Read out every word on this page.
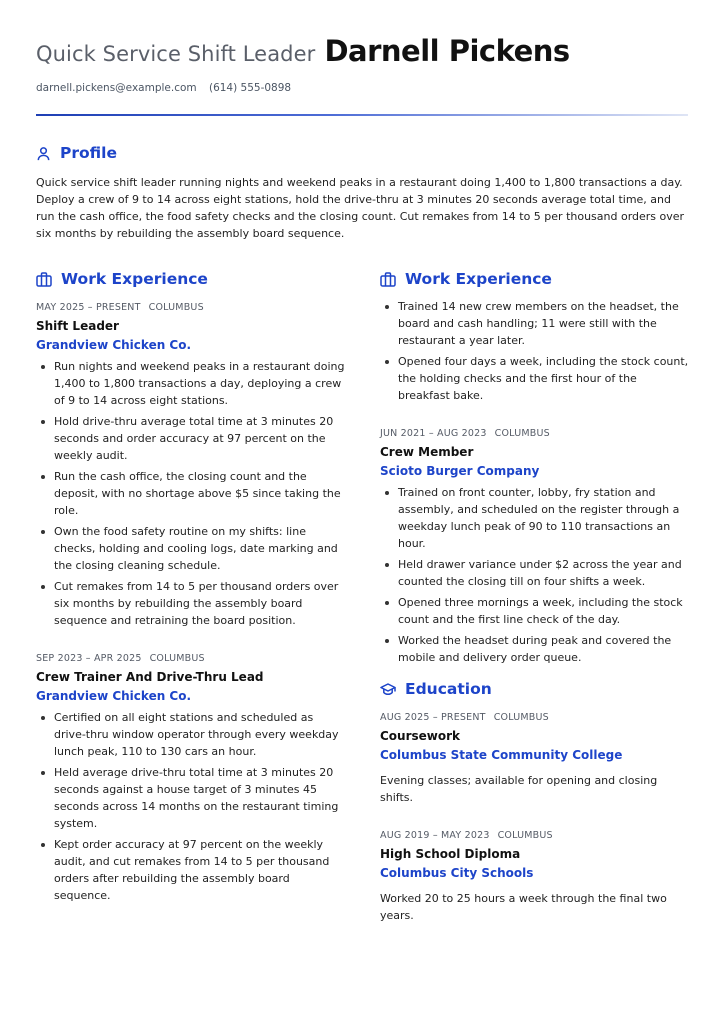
Quick Service Shift Leader Darnell Pickens
darnell.pickens@example.com (614) 555-0898
Profile
Quick service shift leader running nights and weekend peaks in a restaurant doing 1,400 to 1,800 transactions a day. Deploy a crew of 9 to 14 across eight stations, hold the drive-thru at 3 minutes 20 seconds average total time, and run the cash office, the food safety checks and the closing count. Cut remakes from 14 to 5 per thousand orders over six months by rebuilding the assembly board sequence.
Work Experience
MAY 2025 – PRESENT COLUMBUS
Shift Leader
Grandview Chicken Co.
Run nights and weekend peaks in a restaurant doing 1,400 to 1,800 transactions a day, deploying a crew of 9 to 14 across eight stations.
Hold drive-thru average total time at 3 minutes 20 seconds and order accuracy at 97 percent on the weekly audit.
Run the cash office, the closing count and the deposit, with no shortage above $5 since taking the role.
Own the food safety routine on my shifts: line checks, holding and cooling logs, date marking and the closing cleaning schedule.
Cut remakes from 14 to 5 per thousand orders over six months by rebuilding the assembly board sequence and retraining the board position.
SEP 2023 – APR 2025 COLUMBUS
Crew Trainer And Drive-Thru Lead
Grandview Chicken Co.
Certified on all eight stations and scheduled as drive-thru window operator through every weekday lunch peak, 110 to 130 cars an hour.
Held average drive-thru total time at 3 minutes 20 seconds against a house target of 3 minutes 45 seconds across 14 months on the restaurant timing system.
Kept order accuracy at 97 percent on the weekly audit, and cut remakes from 14 to 5 per thousand orders after rebuilding the assembly board sequence.
Work Experience
Trained 14 new crew members on the headset, the board and cash handling; 11 were still with the restaurant a year later.
Opened four days a week, including the stock count, the holding checks and the first hour of the breakfast bake.
JUN 2021 – AUG 2023 COLUMBUS
Crew Member
Scioto Burger Company
Trained on front counter, lobby, fry station and assembly, and scheduled on the register through a weekday lunch peak of 90 to 110 transactions an hour.
Held drawer variance under $2 across the year and counted the closing till on four shifts a week.
Opened three mornings a week, including the stock count and the first line check of the day.
Worked the headset during peak and covered the mobile and delivery order queue.
Education
AUG 2025 – PRESENT COLUMBUS
Coursework
Columbus State Community College
Evening classes; available for opening and closing shifts.
AUG 2019 – MAY 2023 COLUMBUS
High School Diploma
Columbus City Schools
Worked 20 to 25 hours a week through the final two years.
